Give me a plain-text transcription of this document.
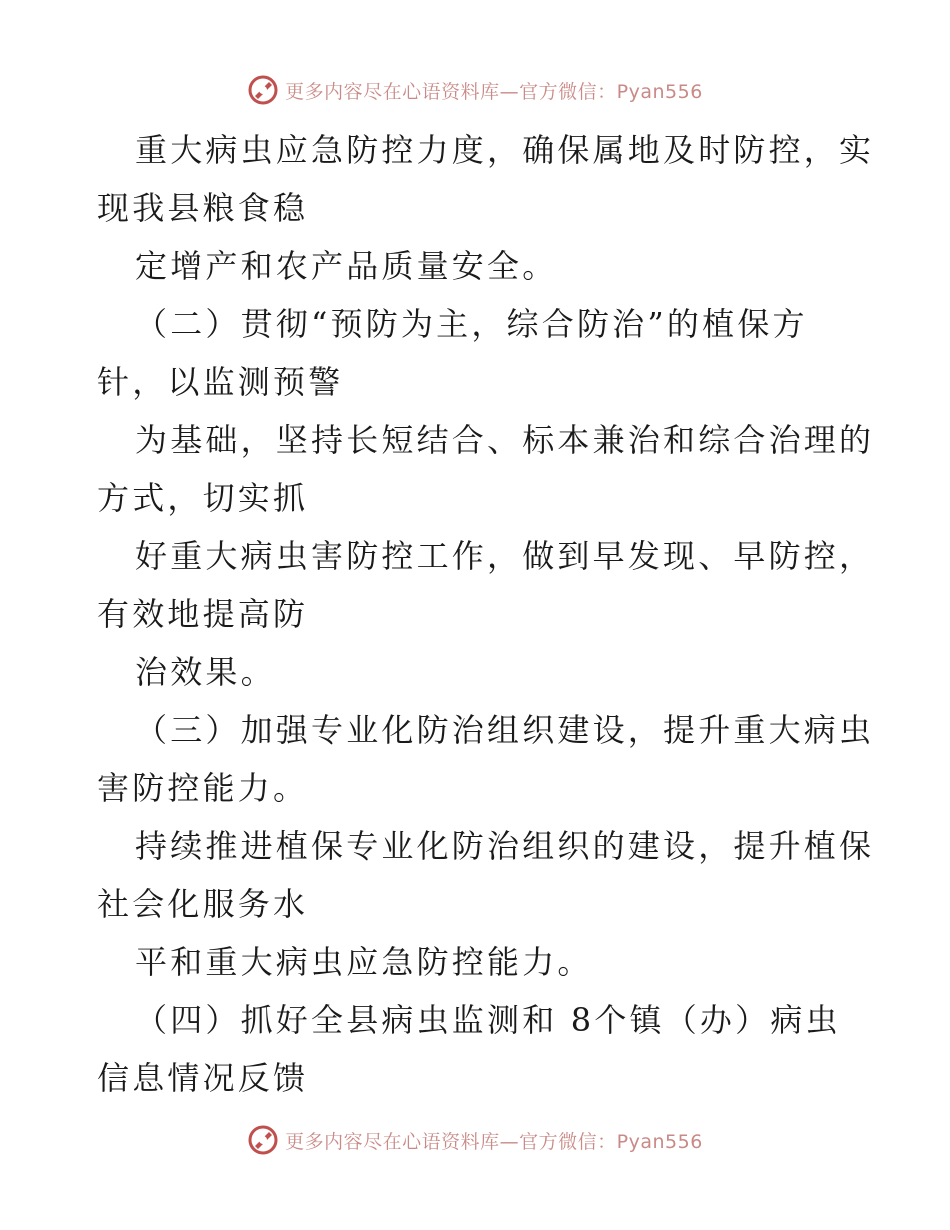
更多内容尽在心语资料库—官方微信：Pyan556
重大病虫应急防控力度，确保属地及时防控，实
现我县粮食稳
定增产和农产品质量安全。
（二）贯彻“预防为主，综合防治”的植保方
针，以监测预警
为基础，坚持长短结合、标本兼治和综合治理的
方式，切实抓
好重大病虫害防控工作，做到早发现、早防控，
有效地提高防
治效果。
（三）加强专业化防治组织建设，提升重大病虫
害防控能力。
持续推进植保专业化防治组织的建设，提升植保
社会化服务水
平和重大病虫应急防控能力。
（四）抓好全县病虫监测和 8个镇（办）病虫
信息情况反馈
更多内容尽在心语资料库—官方微信：Pyan556
